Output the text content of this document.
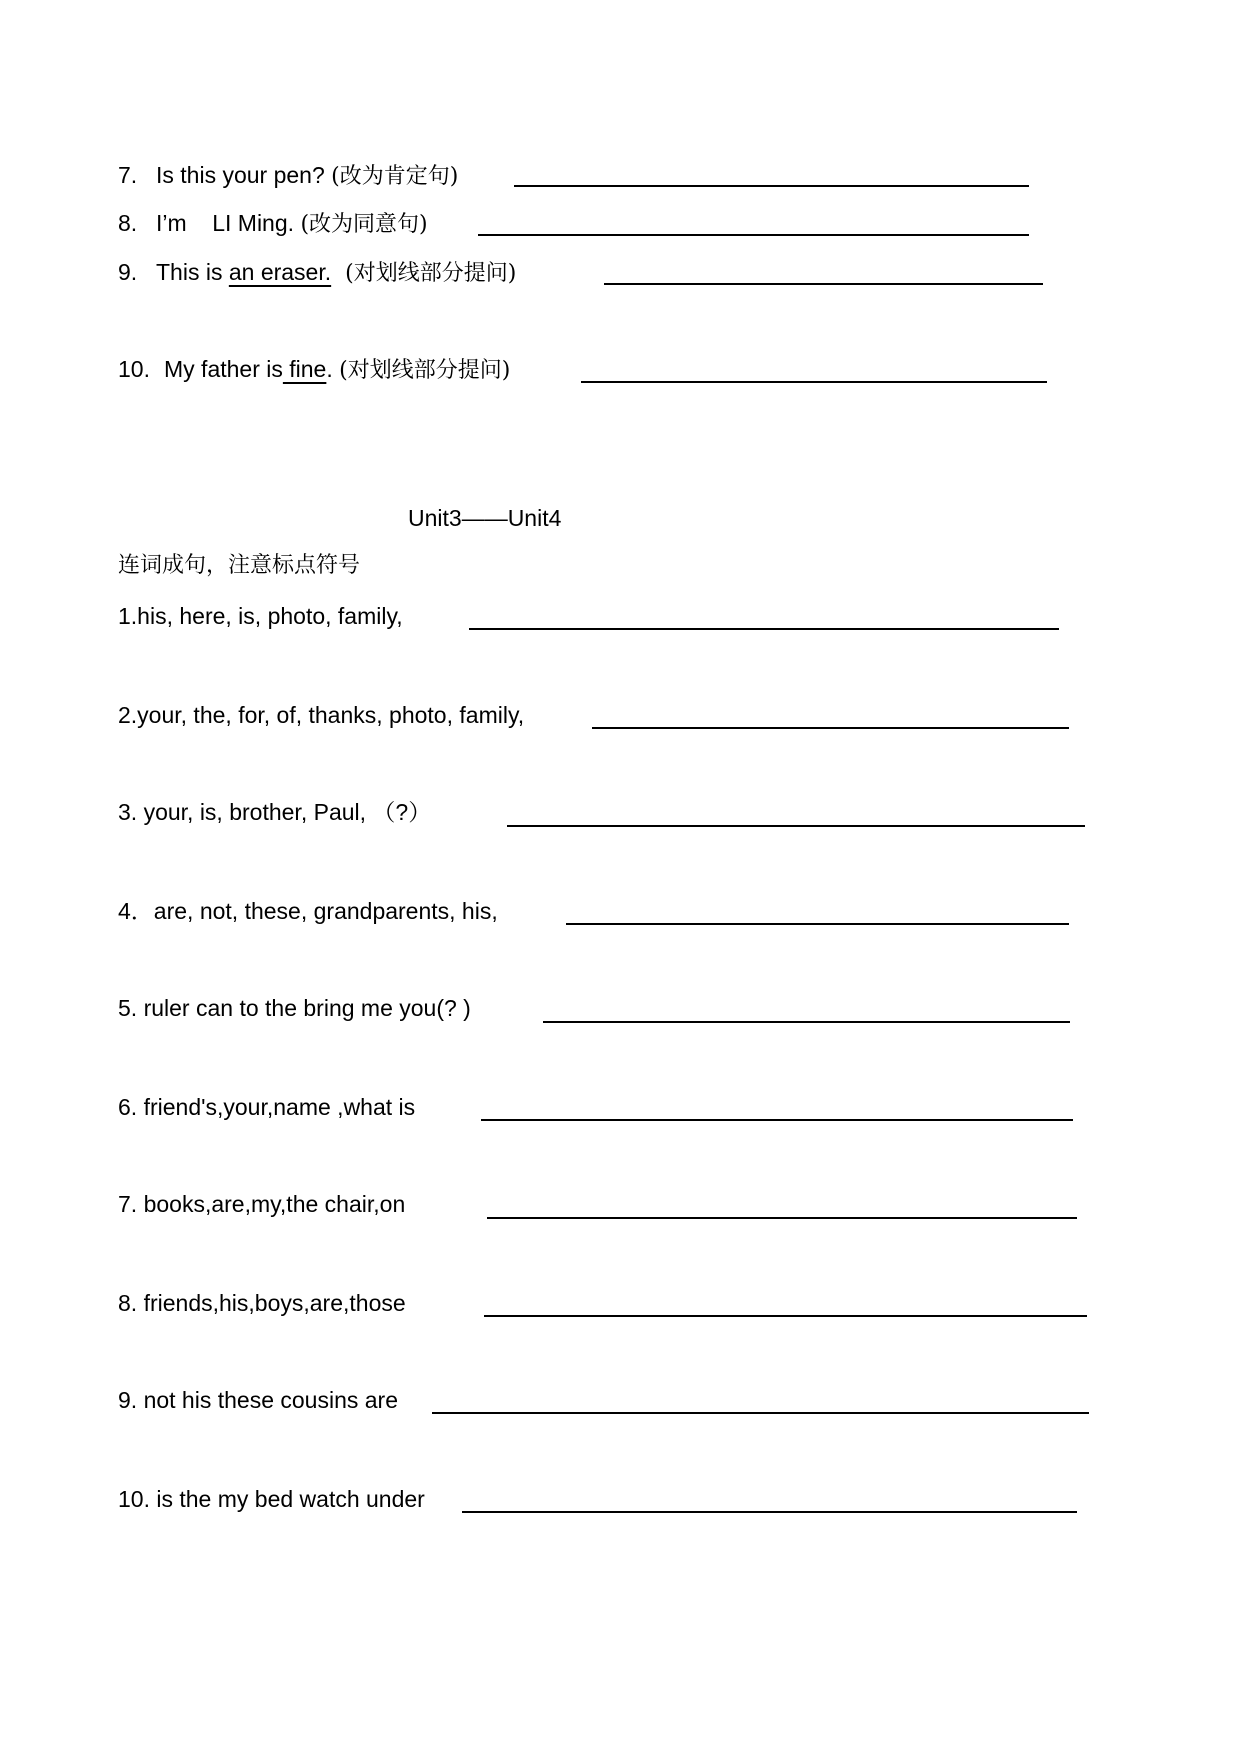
7. Is this your pen? (改为肯定句)
8. I’m    LI Ming. (改为同意句)
9. This is an eraser.  (对划线部分提问)
10. My father is fine. (对划线部分提问)
Unit3——Unit4
连词成句，注意标点符号
1.his, here, is, photo, family,
2.your, the, for, of, thanks, photo, family,
3. your, is, brother, Paul, （?）
4．are, not, these, grandparents, his,
5. ruler can to the bring me you(? )
6. friend's,your,name ,what is
7. books,are,my,the chair,on
8. friends,his,boys,are,those
9. not his these cousins are
10. is the my bed watch under
